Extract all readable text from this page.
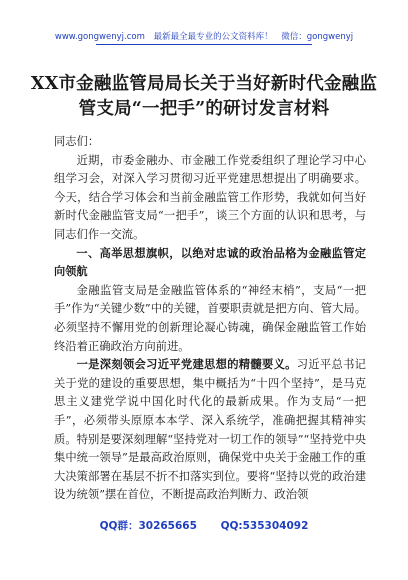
www.gongwenyj.com 最新最全最专业的公文资料库！ 微信：gongwenyj
XX市金融监管局局长关于当好新时代金融监管支局“一把手”的研讨发言材料

同志们：

近期，市委金融办、市金融工作党委组织了理论学习中心组学习会，对深入学习贯彻习近平党建思想提出了明确要求。今天，结合学习体会和当前金融监管工作形势，我就如何当好新时代金融监管支局“一把手”，谈三个方面的认识和思考，与同志们作一交流。

一、高举思想旗帜，以绝对忠诚的政治品格为金融监管定向领航

金融监管支局是金融监管体系的“神经末梢”，支局“一把手”作为“关键少数”中的关键，首要职责就是把方向、管大局。必须坚持不懈用党的创新理论凝心铸魂，确保金融监管工作始终沿着正确政治方向前进。

一是深刻领会习近平党建思想的精髓要义。习近平总书记关于党的建设的重要思想，集中概括为“十四个坚持”，是马克思主义建党学说中国化时代化的最新成果。作为支局“一把手”，必须带头原原本本学、深入系统学，准确把握其精神实质。特别是要深刻理解“坚持党对一切工作的领导”“坚持党中央集中统一领导”是最高政治原则，确保党中央关于金融工作的重大决策部署在基层不折不扣落实到位。要将“坚持以党的政治建设为统领”摆在首位，不断提高政治判断力、政治领

QQ群：30265665 QQ:535304092
